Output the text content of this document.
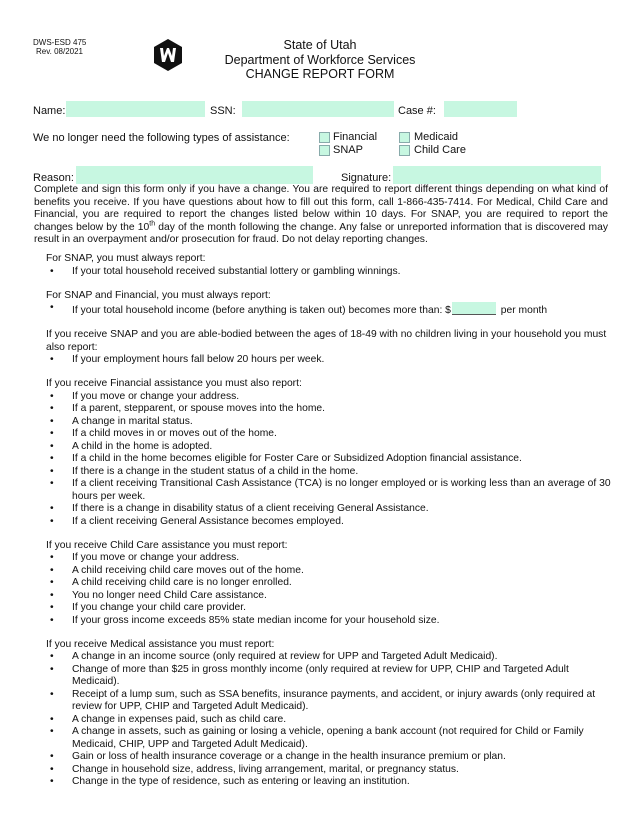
DWS-ESD 475
Rev. 08/2021	State of Utah
Department of Workforce Services
CHANGE REPORT FORM
Name:	SSN:	Case #:
We no longer need the following types of assistance:	Financial
SNAP
Medicaid
Child Care
Reason:	Signature:
Complete and sign this form only if you have a change. You are required to report different things depending on what kind of benefits you receive. If you have questions about how to fill out this form, call 1-866-435-7414. For Medical, Child Care and Financial, you are required to report the changes listed below within 10 days. For SNAP, you are required to report the changes below by the 10th day of the month following the change. Any false or unreported information that is discovered may result in an overpayment and/or prosecution for fraud. Do not delay reporting changes.

For SNAP, you must always report:

• If your total household received substantial lottery or gambling winnings.

For SNAP and Financial, you must always report:

• If your total household income (before anything is taken out) becomes more than: $	per month

If you receive SNAP and you are able-bodied between the ages of 18-49 with no children living in your household you must also report:

• If your employment hours fall below 20 hours per week.

If you receive Financial assistance you must also report:

• If you move or change your address.
• If a parent, stepparent, or spouse moves into the home.
• A change in marital status.
• If a child moves in or moves out of the home.
• A child in the home is adopted.
• If a child in the home becomes eligible for Foster Care or Subsidized Adoption financial assistance.
• If there is a change in the student status of a child in the home.
• If a client receiving Transitional Cash Assistance (TCA) is no longer employed or is working less than an average of 30 hours per week.
• If there is a change in disability status of a client receiving General Assistance.
• If a client receiving General Assistance becomes employed.

If you receive Child Care assistance you must report:

• If you move or change your address.
• A child receiving child care moves out of the home.
• A child receiving child care is no longer enrolled.
• You no longer need Child Care assistance.
• If you change your child care provider.
• If your gross income exceeds 85% state median income for your household size.

If you receive Medical assistance you must report:

• A change in an income source (only required at review for UPP and Targeted Adult Medicaid).
• Change of more than $25 in gross monthly income (only required at review for UPP, CHIP and Targeted Adult Medicaid).
• Receipt of a lump sum, such as SSA benefits, insurance payments, and accident, or injury awards (only required at review for UPP, CHIP and Targeted Adult Medicaid).
• A change in expenses paid, such as child care.
• A change in assets, such as gaining or losing a vehicle, opening a bank account (not required for Child or Family Medicaid, CHIP, UPP and Targeted Adult Medicaid).
• Gain or loss of health insurance coverage or a change in the health insurance premium or plan.
• Change in household size, address, living arrangement, marital, or pregnancy status.
• Change in the type of residence, such as entering or leaving an institution.
